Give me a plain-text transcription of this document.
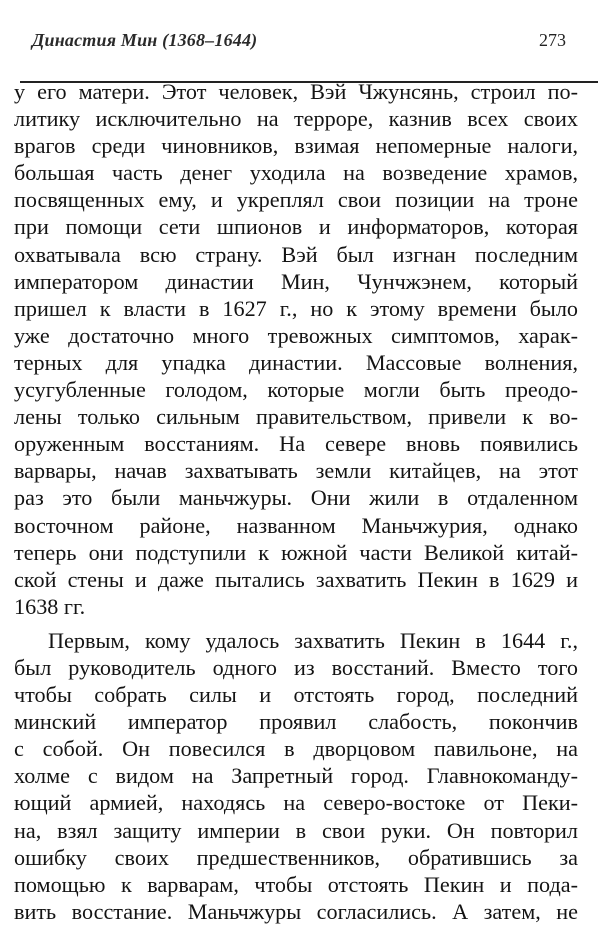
Династия Мин (1368–1644)	273
у его матери. Этот человек, Вэй Чжунсянь, строил по-
литику исключительно на терроре, казнив всех своих
врагов среди чиновников, взимая непомерные налоги,
большая часть денег уходила на возведение храмов,
посвященных ему, и укреплял свои позиции на троне
при помощи сети шпионов и информаторов, которая
охватывала всю страну. Вэй был изгнан последним
императором династии Мин, Чунчжэнем, который
пришел к власти в 1627 г., но к этому времени было
уже достаточно много тревожных симптомов, харак-
терных для упадка династии. Массовые волнения,
усугубленные голодом, которые могли быть преодо-
лены только сильным правительством, привели к во-
оруженным восстаниям. На севере вновь появились
варвары, начав захватывать земли китайцев, на этот
раз это были маньчжуры. Они жили в отдаленном
восточном районе, названном Маньчжурия, однако
теперь они подступили к южной части Великой китай-
ской стены и даже пытались захватить Пекин в 1629 и
1638 гг.
Первым, кому удалось захватить Пекин в 1644 г.,
был руководитель одного из восстаний. Вместо того
чтобы собрать силы и отстоять город, последний
минский император проявил слабость, покончив
с собой. Он повесился в дворцовом павильоне, на
холме с видом на Запретный город. Главнокоманду-
ющий армией, находясь на северо-востоке от Пеки-
на, взял защиту империи в свои руки. Он повторил
ошибку своих предшественников, обратившись за
помощью к варварам, чтобы отстоять Пекин и пода-
вить восстание. Маньчжуры согласились. А затем, не
